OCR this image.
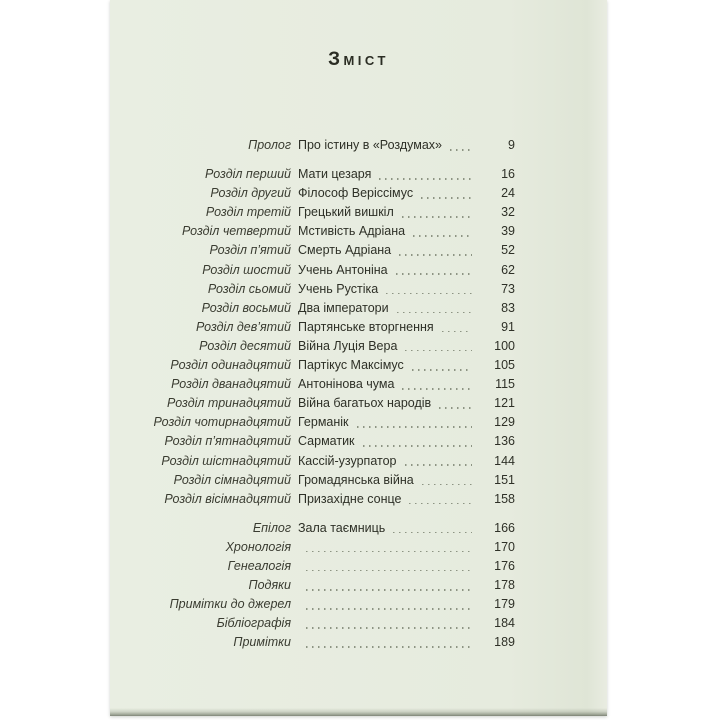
Зміст
Пролог Про істину в «Роздумах»	9
Розділ перший Мати цезаря	16
Розділ другий Філософ Веріссімус	24
Розділ третій Грецький вишкіл	32
Розділ четвертий Мстивість Адріана	39
Розділ п’ятий Смерть Адріана	52
Розділ шостий Учень Антоніна	62
Розділ сьомий Учень Рустіка	73
Розділ восьмий Два імператори	83
Розділ дев’ятий Партянське вторгнення	91
Розділ десятий Війна Луція Вера	100
Розділ одинадцятий Партікус Максімус	105
Розділ дванадцятий Антонінова чума	115
Розділ тринадцятий Війна багатьох народів	121
Розділ чотирнадцятий Германік	129
Розділ п’ятнадцятий Сарматик	136
Розділ шістнадцятий Кассій-узурпатор	144
Розділ сімнадцятий Громадянська війна	151
Розділ вісімнадцятий Призахідне сонце	158
Епілог Зала таємниць	166
Хронологія	170
Генеалогія	176
Подяки	178
Примітки до джерел	179
Бібліографія	184
Примітки	189
